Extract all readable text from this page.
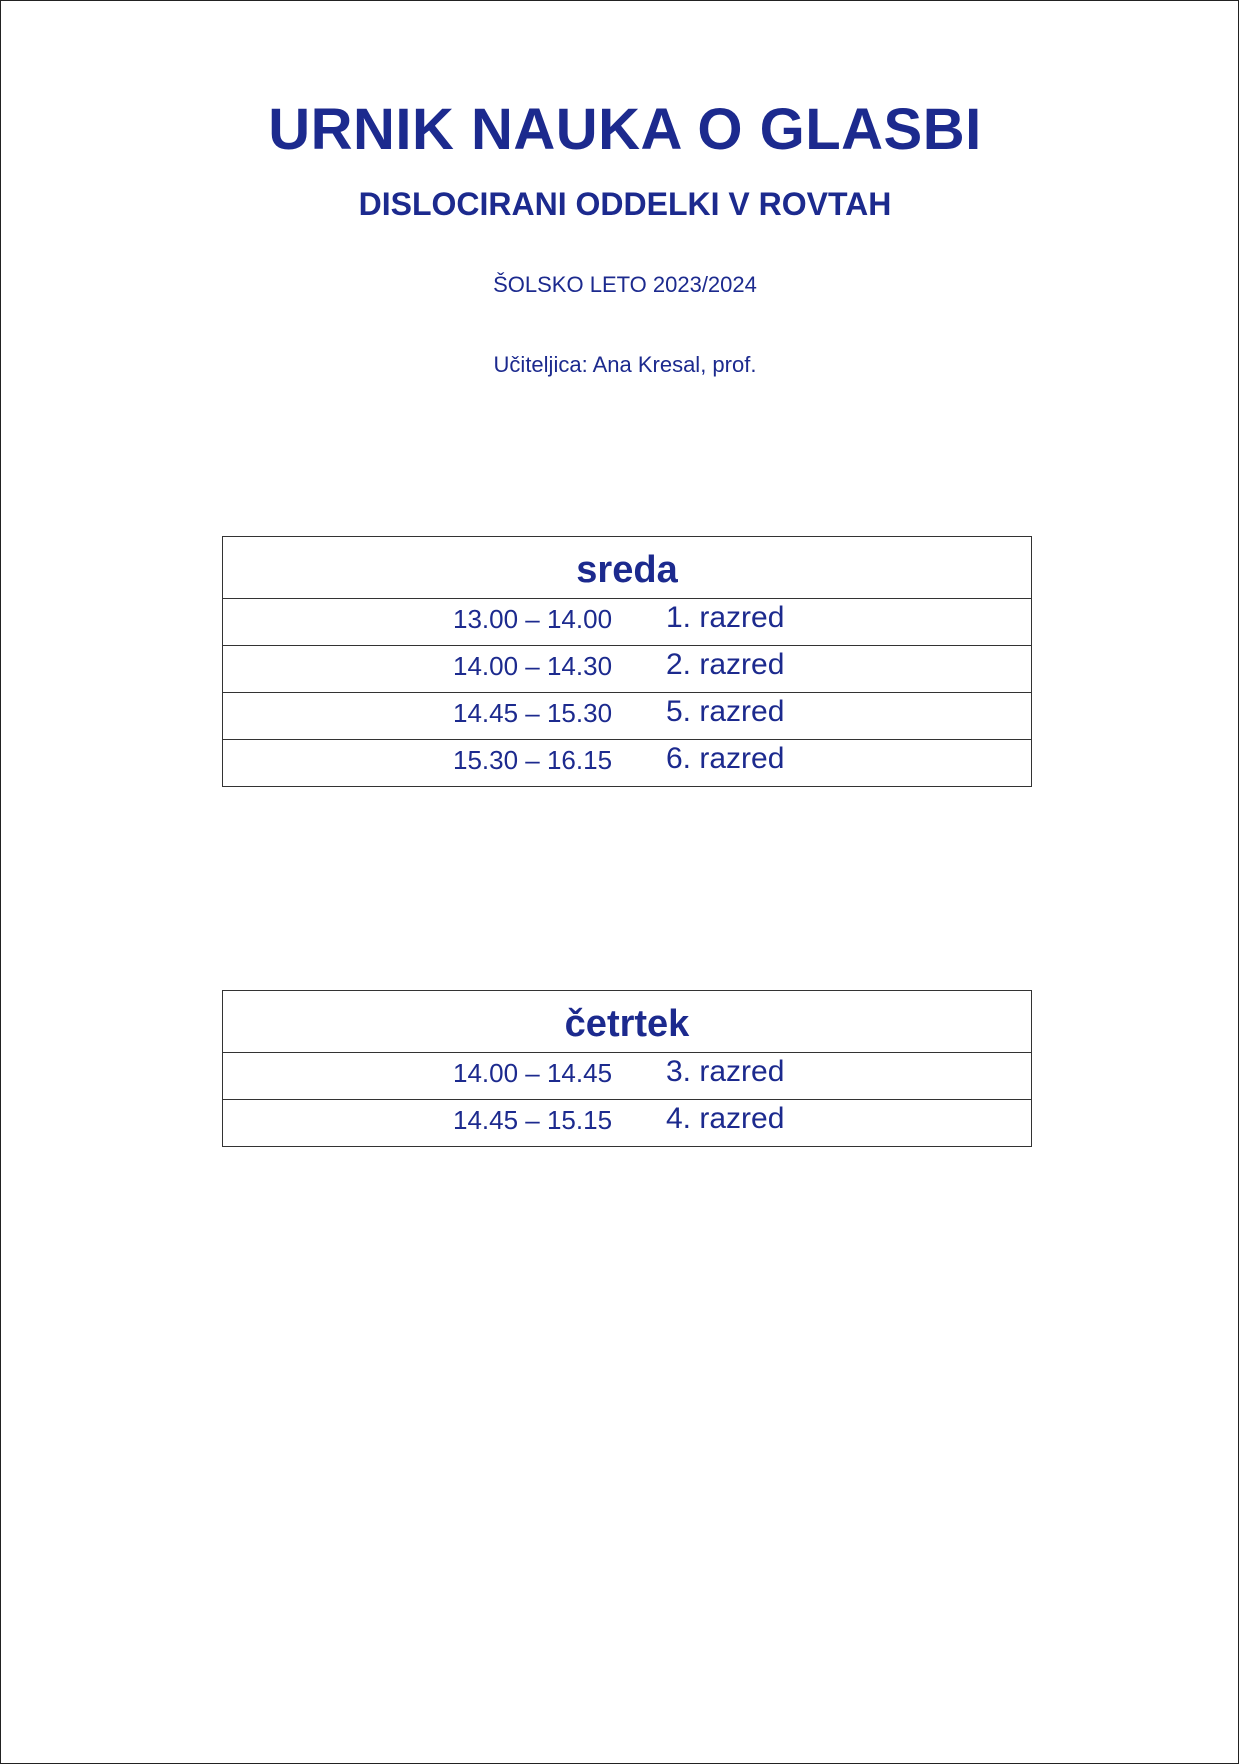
URNIK NAUKA O GLASBI
DISLOCIRANI ODDELKI V ROVTAH
ŠOLSKO LETO 2023/2024
Učiteljica: Ana Kresal, prof.
sreda
13.00 – 14.00 1. razred
14.00 – 14.30 2. razred
14.45 – 15.30 5. razred
15.30 – 16.15 6. razred
četrtek
14.00 – 14.45 3. razred
14.45 – 15.15 4. razred
